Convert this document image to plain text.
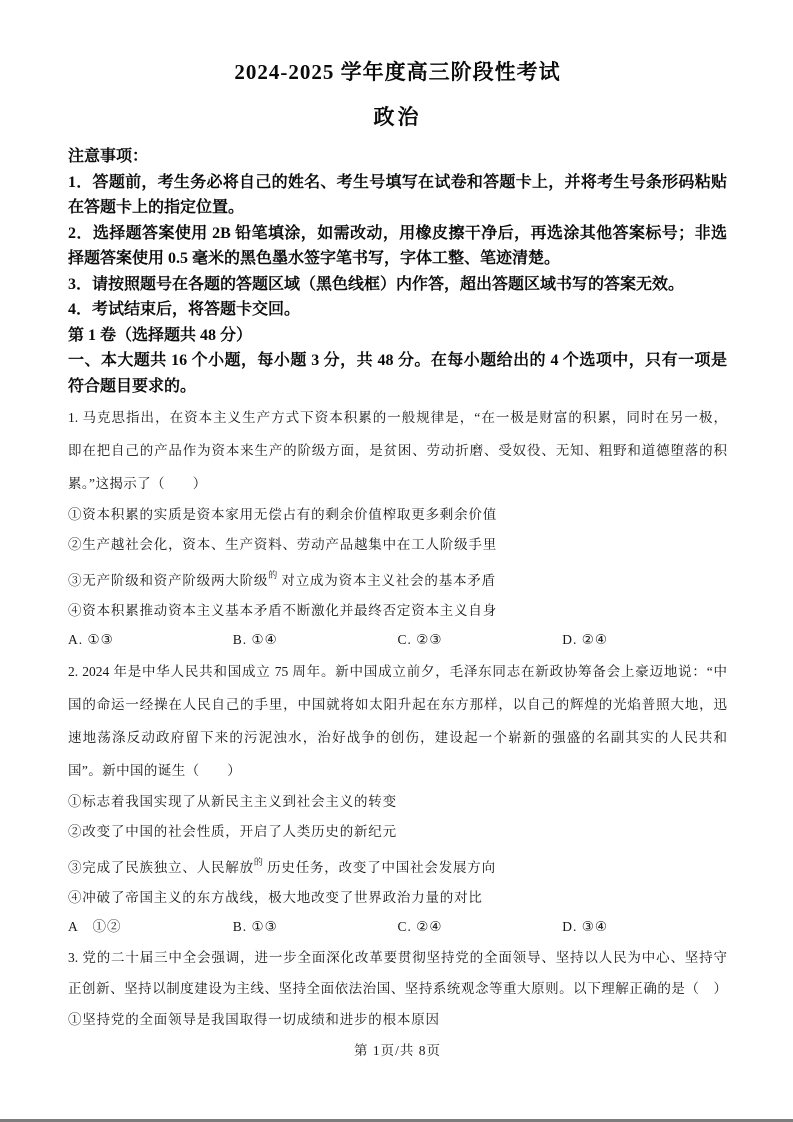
2024-2025 学年度高三阶段性考试
政治
注意事项：
1．答题前，考生务必将自己的姓名、考生号填写在试卷和答题卡上，并将考生号条形码粘贴
在答题卡上的指定位置。
2．选择题答案使用 2B 铅笔填涂，如需改动，用橡皮擦干净后，再选涂其他答案标号；非选
择题答案使用 0.5 毫米的黑色墨水签字笔书写，字体工整、笔迹清楚。
3．请按照题号在各题的答题区域（黑色线框）内作答，超出答题区域书写的答案无效。
4．考试结束后，将答题卡交回。
第 1 卷（选择题共 48 分）
一、本大题共 16 个小题，每小题 3 分，共 48 分。在每小题给出的 4 个选项中，只有一项是
符合题目要求的。
1. 马克思指出，在资本主义生产方式下资本积累的一般规律是，“在一极是财富的积累，同时在另一极，
即在把自己的产品作为资本来生产的阶级方面，是贫困、劳动折磨、受奴役、无知、粗野和道德堕落的积
累。”这揭示了（　　）
①资本积累的实质是资本家用无偿占有的剩余价值榨取更多剩余价值
②生产越社会化，资本、生产资料、劳动产品越集中在工人阶级手里
③无产阶级和资产阶级两大阶级$^的$ 对立成为资本主义社会的基本矛盾
④资本积累推动资本主义基本矛盾不断激化并最终否定资本主义自身
A. ①③	B. ①④	C. ②③	D. ②④
2. 2024 年是中华人民共和国成立 75 周年。新中国成立前夕，毛泽东同志在新政协筹备会上豪迈地说：“中
国的命运一经操在人民自己的手里，中国就将如太阳升起在东方那样，以自己的辉煌的光焰普照大地，迅
速地荡涤反动政府留下来的污泥浊水，治好战争的创伤，建设起一个崭新的强盛的名副其实的人民共和
国”。新中国的诞生（　　）
①标志着我国实现了从新民主主义到社会主义的转变
②改变了中国的社会性质，开启了人类历史的新纪元
③完成了民族独立、人民解放$^的$ 历史任务，改变了中国社会发展方向
④冲破了帝国主义的东方战线，极大地改变了世界政治力量的对比
A　①②	B. ①③	C. ②④	D. ③④
3. 党的二十届三中全会强调，进一步全面深化改革要贯彻坚持党的全面领导、坚持以人民为中心、坚持守
正创新、坚持以制度建设为主线、坚持全面依法治国、坚持系统观念等重大原则。以下理解正确的是（　）
①坚持党的全面领导是我国取得一切成绩和进步的根本原因
第 1页/共 8页
